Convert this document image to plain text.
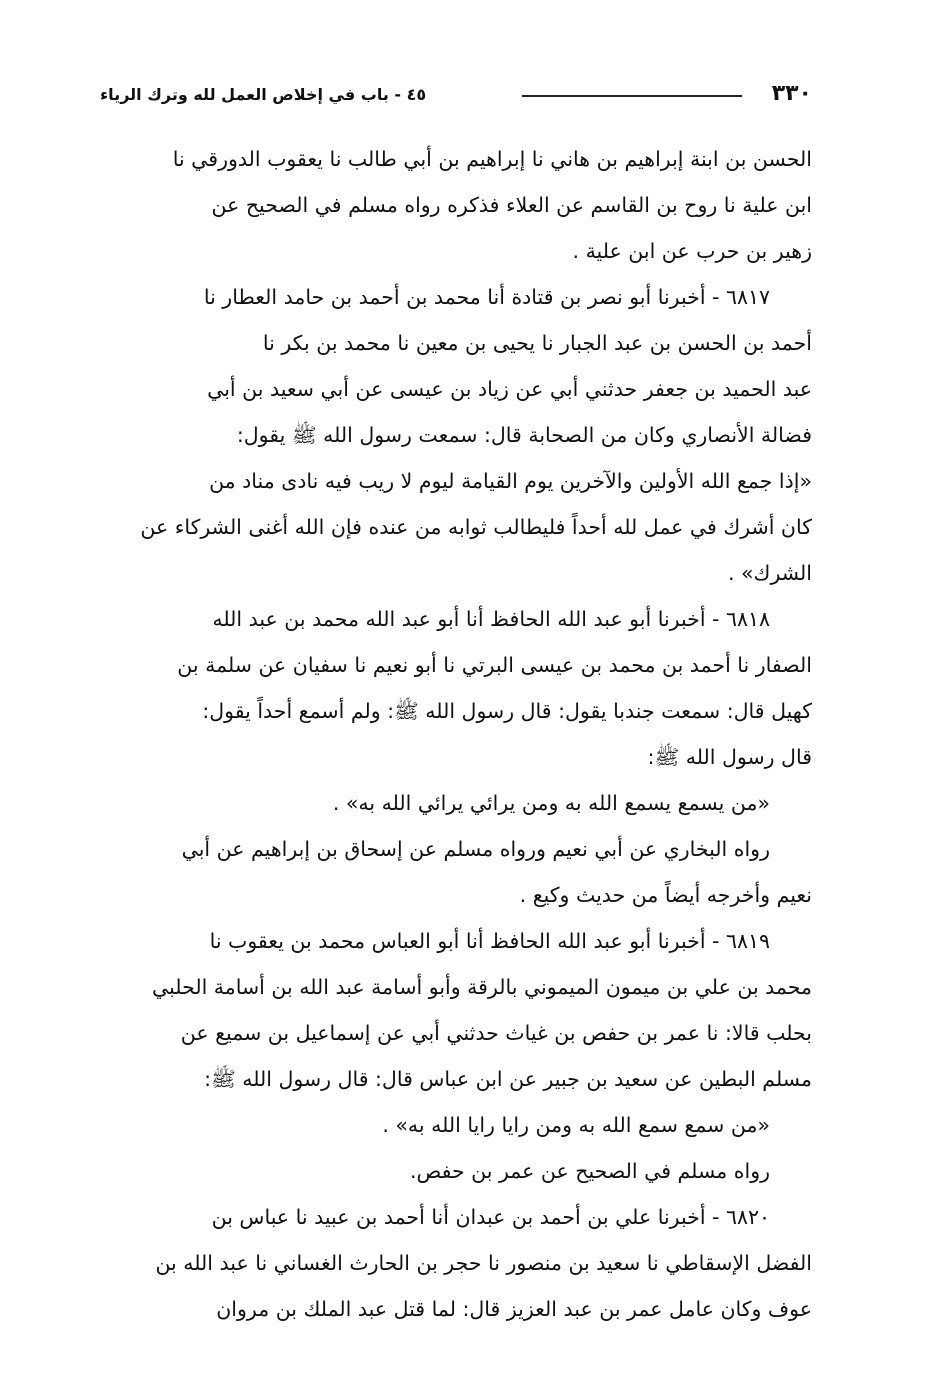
٣٣٠
٤٥ - باب في إخلاص العمل لله وترك الرياء
الحسن بن ابنة إبراهيم بن هاني نا إبراهيم بن أبي طالب نا يعقوب الدورقي نا
ابن علية نا روح بن القاسم عن العلاء فذكره رواه مسلم في الصحيح عن
زهير بن حرب عن ابن علية .
٦٨١٧ - أخبرنا أبو نصر بن قتادة أنا محمد بن أحمد بن حامد العطار نا
أحمد بن الحسن بن عبد الجبار نا يحيى بن معين نا محمد بن بكر نا
عبد الحميد بن جعفر حدثني أبي عن زياد بن عيسى عن أبي سعيد بن أبي
فضالة الأنصاري وكان من الصحابة قال: سمعت رسول الله ﷺ يقول:
«إذا جمع الله الأولين والآخرين يوم القيامة ليوم لا ريب فيه نادى مناد من
كان أشرك في عمل لله أحداً فليطالب ثوابه من عنده فإن الله أغنى الشركاء عن
الشرك» .
٦٨١٨ - أخبرنا أبو عبد الله الحافظ أنا أبو عبد الله محمد بن عبد الله
الصفار نا أحمد بن محمد بن عيسى البرتي نا أبو نعيم نا سفيان عن سلمة بن
كهيل قال: سمعت جندبا يقول: قال رسول الله ﷺ: ولم أسمع أحداً يقول:
قال رسول الله ﷺ:
«من يسمع يسمع الله به ومن يرائي يرائي الله به» .
رواه البخاري عن أبي نعيم ورواه مسلم عن إسحاق بن إبراهيم عن أبي
نعيم وأخرجه أيضاً من حديث وكيع .
٦٨١٩ - أخبرنا أبو عبد الله الحافظ أنا أبو العباس محمد بن يعقوب نا
محمد بن علي بن ميمون الميموني بالرقة وأبو أسامة عبد الله بن أسامة الحلبي
بحلب قالا: نا عمر بن حفص بن غياث حدثني أبي عن إسماعيل بن سميع عن
مسلم البطين عن سعيد بن جبير عن ابن عباس قال: قال رسول الله ﷺ:
«من سمع سمع الله به ومن رايا رايا الله به» .
رواه مسلم في الصحيح عن عمر بن حفص.
٦٨٢٠ - أخبرنا علي بن أحمد بن عبدان أنا أحمد بن عبيد نا عباس بن
الفضل الإسقاطي نا سعيد بن منصور نا حجر بن الحارث الغساني نا عبد الله بن
عوف وكان عامل عمر بن عبد العزيز قال: لما قتل عبد الملك بن مروان
